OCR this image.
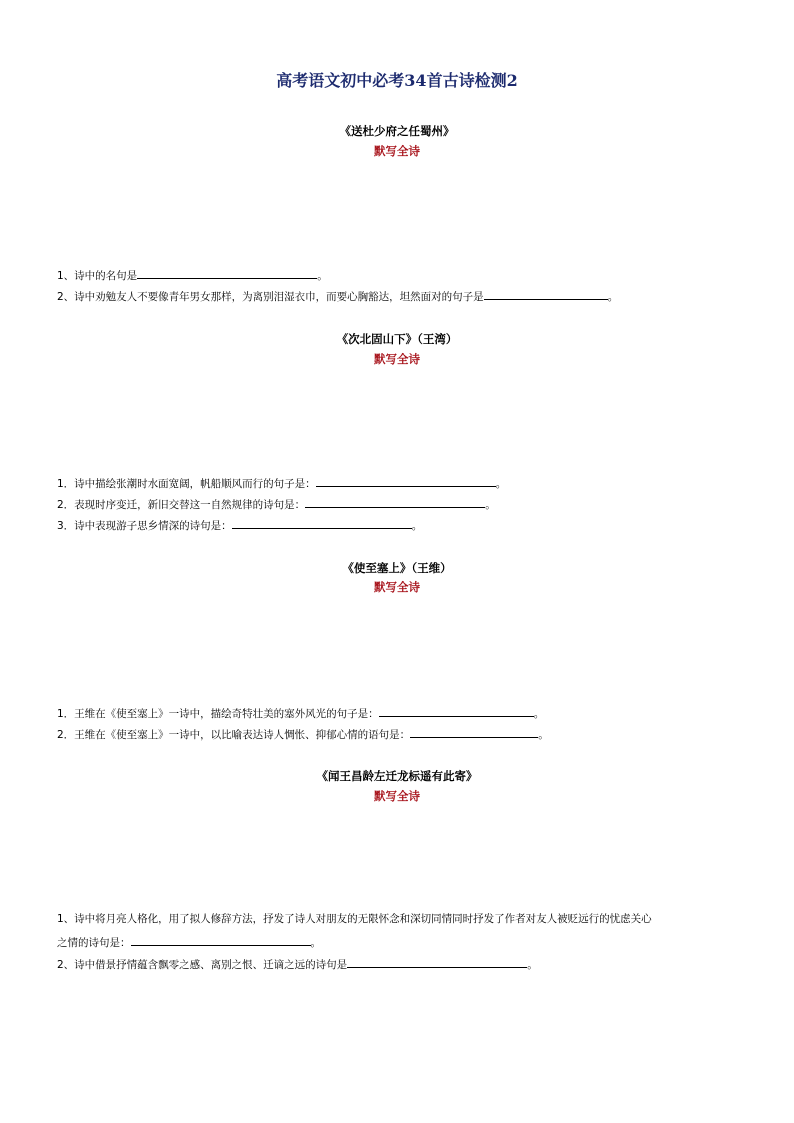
高考语文初中必考34首古诗检测2
《送杜少府之任蜀州》
默写全诗
1、诗中的名句是	。
2、诗中劝勉友人不要像青年男女那样，为离别泪湿衣巾，而要心胸豁达，坦然面对的句子是	。
《次北固山下》（王湾）
默写全诗
1．诗中描绘张潮时水面宽阔，帆船顺风而行的句子是：	。
2．表现时序变迁，新旧交替这一自然规律的诗句是：	。
3．诗中表现游子思乡情深的诗句是：	。
《使至塞上》（王维）
默写全诗
1．王维在《使至塞上》一诗中，描绘奇特壮美的塞外风光的句子是：	。
2．王维在《使至塞上》一诗中，以比喻表达诗人惆怅、抑郁心情的语句是：	。
《闻王昌龄左迁龙标遥有此寄》
默写全诗
1、诗中将月亮人格化，用了拟人修辞方法，抒发了诗人对朋友的无限怀念和深切同情同时抒发了作者对友人被贬远行的忧虑关心
之情的诗句是：	。
2、诗中借景抒情蕴含飘零之感、离别之恨、迁谪之远的诗句是	。
